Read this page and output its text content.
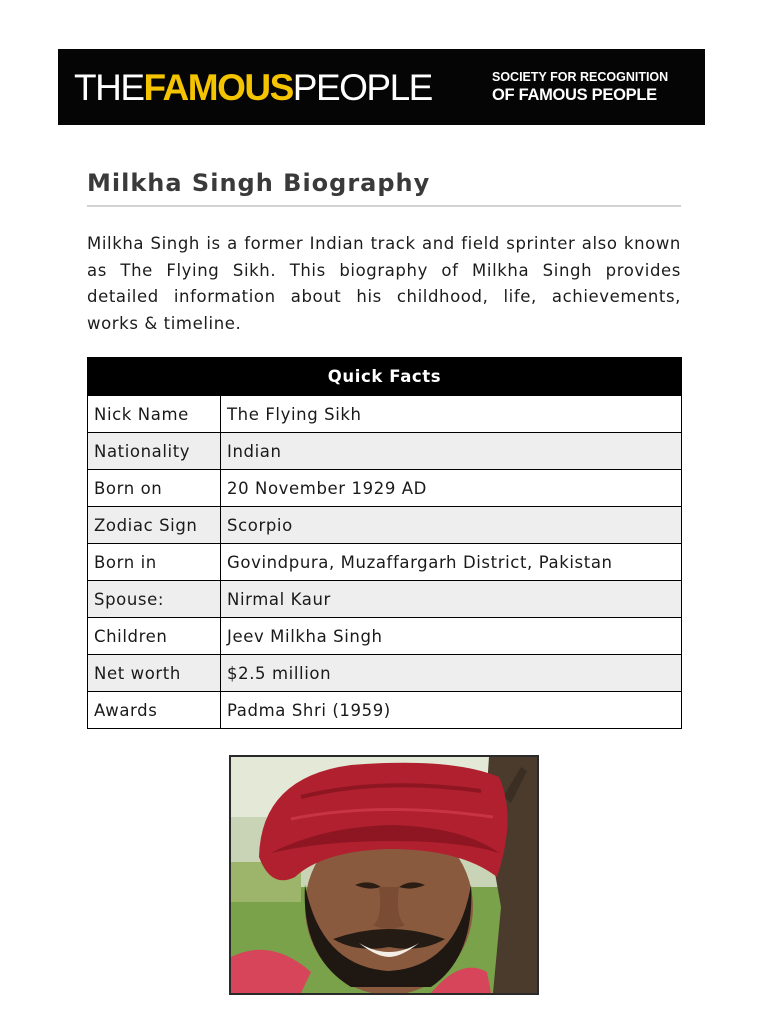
THEFAMOUSPEOPLE	SOCIETY FOR RECOGNITION
OF FAMOUS PEOPLE
Milkha Singh Biography

Milkha Singh is a former Indian track and field sprinter also known as The Flying Sikh. This biography of Milkha Singh provides detailed information about his childhood, life, achievements, works & timeline.

Quick Facts	
Nick Name	The Flying Sikh
Nationality	Indian
Born on	20 November 1929 AD
Zodiac Sign	Scorpio
Born in	Govindpura, Muzaffargarh District, Pakistan
Spouse:	Nirmal Kaur
Children	Jeev Milkha Singh
Net worth	$2.5 million
Awards	Padma Shri (1959)
